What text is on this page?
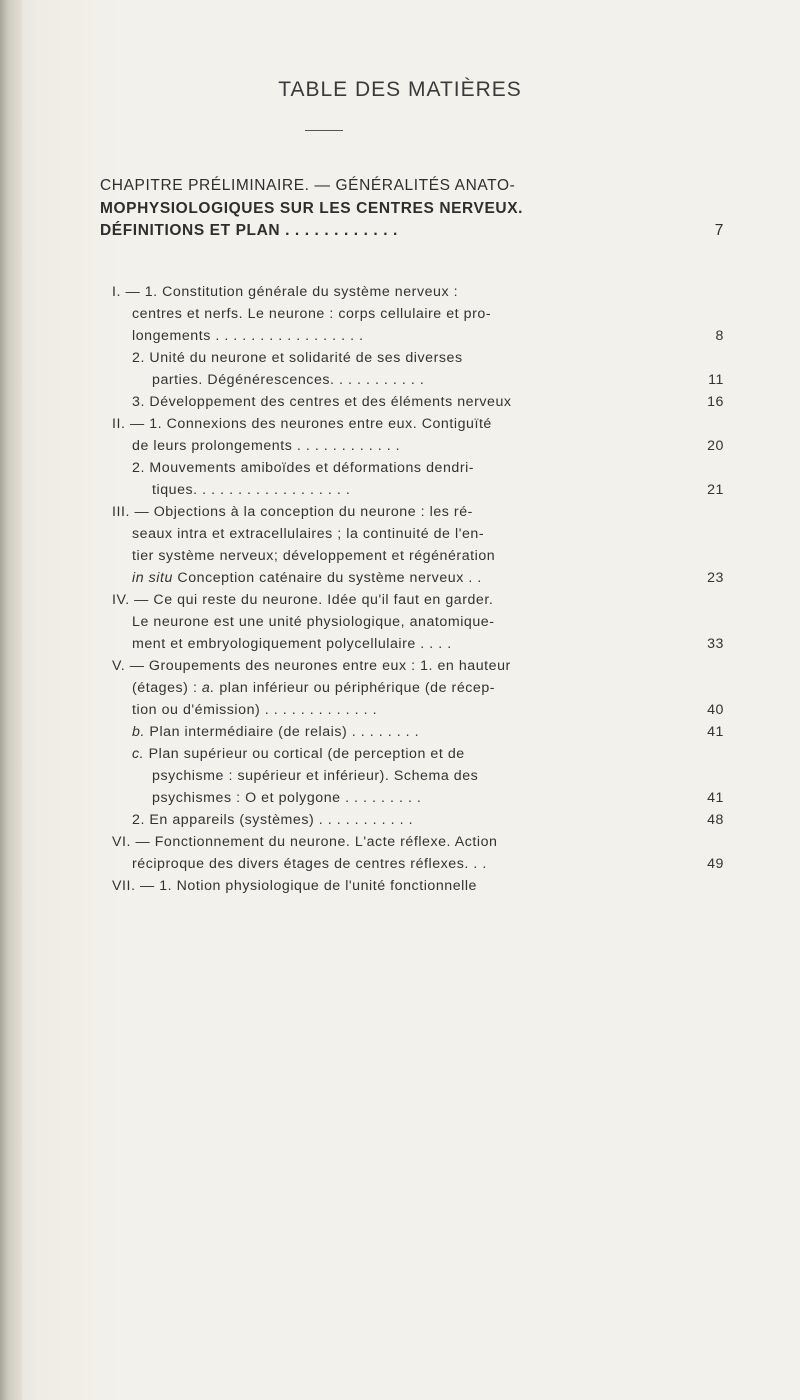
TABLE DES MATIÈRES
CHAPITRE PRÉLIMINAIRE. — GÉNÉRALITÉS ANATO-
MOPHYSIOLOGIQUES SUR LES CENTRES NERVEUX.
DÉFINITIONS ET PLAN . . . . . . . . . . . .	7
I. — 1. Constitution générale du système nerveux :
centres et nerfs. Le neurone : corps cellulaire et pro-
longements . . . . . . . . . . . . . . . . .	8
2. Unité du neurone et solidarité de ses diverses
parties. Dégénérescences. . . . . . . . . . .	11
3. Développement des centres et des éléments nerveux	16
II. — 1. Connexions des neurones entre eux. Contiguïté
de leurs prolongements . . . . . . . . . . . .	20
2. Mouvements amiboïdes et déformations dendri-
tiques. . . . . . . . . . . . . . . . . .	21
III. — Objections à la conception du neurone : les ré-
seaux intra et extracellulaires ; la continuité de l'en-
tier système nerveux; développement et régénération
in situ Conception caténaire du système nerveux . .	23
IV. — Ce qui reste du neurone. Idée qu'il faut en garder.
Le neurone est une unité physiologique, anatomique-
ment et embryologiquement polycellulaire . . . .	33
V. — Groupements des neurones entre eux : 1. en hauteur
(étages) : a. plan inférieur ou périphérique (de récep-
tion ou d'émission) . . . . . . . . . . . . .	40
b. Plan intermédiaire (de relais) . . . . . . . .	41
c. Plan supérieur ou cortical (de perception et de
psychisme : supérieur et inférieur). Schema des
psychismes : O et polygone . . . . . . . . .	41
2. En appareils (systèmes) . . . . . . . . . . .	48
VI. — Fonctionnement du neurone. L'acte réflexe. Action
réciproque des divers étages de centres réflexes. . .	49
VII. — 1. Notion physiologique de l'unité fonctionnelle
